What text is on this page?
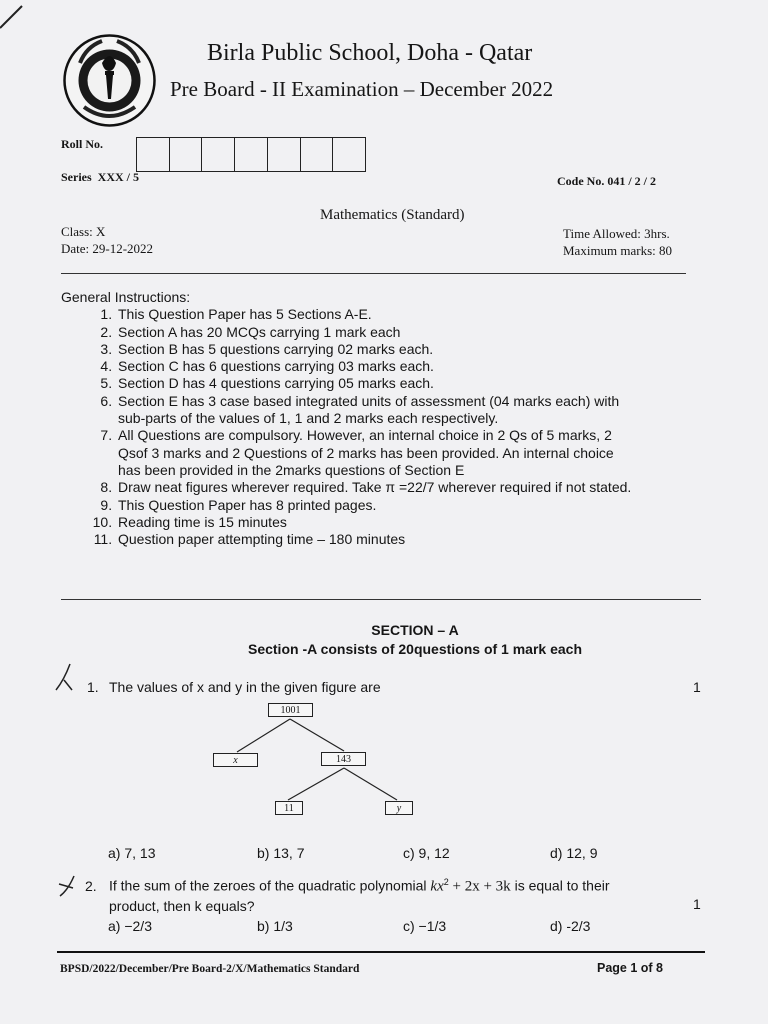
Birla Public School, Doha - Qatar
Pre Board - II Examination – December 2022
Roll No.
Series  XXX / 5	Code No. 041 / 2 / 2
Mathematics (Standard)
Class: X
Date: 29-12-2022
Time Allowed: 3hrs.
Maximum marks: 80
General Instructions:
1. This Question Paper has 5 Sections A-E.
2. Section A has 20 MCQs carrying 1 mark each
3. Section B has 5 questions carrying 02 marks each.
4. Section C has 6 questions carrying 03 marks each.
5. Section D has 4 questions carrying 05 marks each.
6. Section E has 3 case based integrated units of assessment (04 marks each) with sub-parts of the values of 1, 1 and 2 marks each respectively.
7. All Questions are compulsory. However, an internal choice in 2 Qs of 5 marks, 2 Qsof 3 marks and 2 Questions of 2 marks has been provided. An internal choice has been provided in the 2marks questions of Section E
8. Draw neat figures wherever required. Take π =22/7 wherever required if not stated.
9. This Question Paper has 8 printed pages.
10. Reading time is 15 minutes
11. Question paper attempting time – 180 minutes
SECTION – A
Section -A consists of 20questions of 1 mark each
1. The values of x and y in the given figure are	1
1001
x	143
11	y
a) 7, 13	b) 13, 7	c) 9, 12	d) 12, 9
2. If the sum of the zeroes of the quadratic polynomial $kx^2 + 2x + 3k$ is equal to their
product, then k equals?	1
a) −2/3	b) 1/3	c) −1/3	d) -2/3
BPSD/2022/December/Pre Board-2/X/Mathematics Standard	Page 1 of 8
